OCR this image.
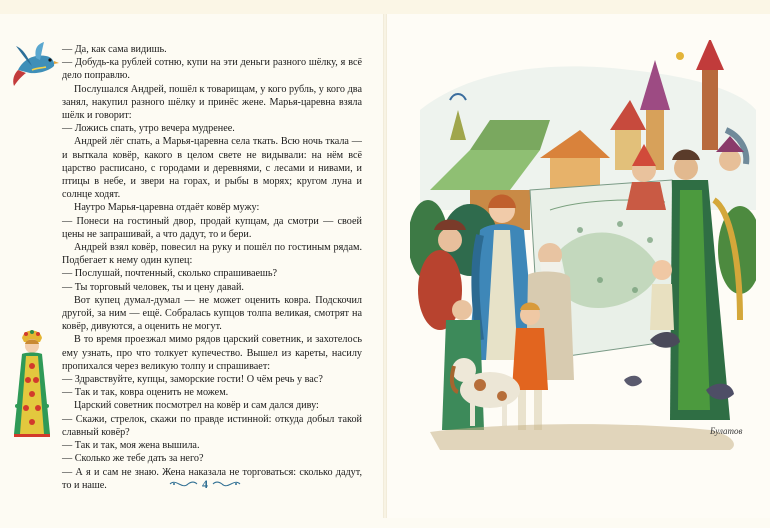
— Да, как сама видишь.

— Добудь-ка рублей сотню, купи на эти деньги разного шёлку, я всё дело поправлю.

Послушался Андрей, пошёл к товарищам, у кого рубль, у кого два занял, накупил разного шёлку и принёс жене. Марья-царевна взяла шёлк и говорит:

— Ложись спать, утро вечера мудренее.

Андрей лёг спать, а Марья-царевна села ткать. Всю ночь ткала — и выткала ковёр, какого в целом свете не видывали: на нём всё царство расписано, с городами и деревнями, с лесами и нивами, и птицы в небе, и звери на горах, и рыбы в морях; кругом луна и солнце ходят.

Наутро Марья-царевна отдаёт ковёр мужу:

— Понеси на гостиный двор, продай купцам, да смотри — своей цены не запрашивай, а что дадут, то и бери.

Андрей взял ковёр, повесил на руку и пошёл по гостиным рядам. Подбегает к нему один купец:

— Послушай, почтенный, сколько спрашиваешь?

— Ты торговый человек, ты и цену давай.

Вот купец думал-думал — не может оценить ковра. Подскочил другой, за ним — ещё. Собралась купцов толпа великая, смотрят на ковёр, дивуются, а оценить не могут.

В то время проезжал мимо рядов царский советник, и захотелось ему узнать, про что толкует купечество. Вышел из кареты, насилу пропихался через великую толпу и спрашивает:

— Здравствуйте, купцы, заморские гости! О чём речь у вас?

— Так и так, ковра оценить не можем.

Царский советник посмотрел на ковёр и сам дался диву:

— Скажи, стрелок, скажи по правде истинной: откуда добыл такой славный ковёр?

— Так и так, моя жена вышила.

— Сколько же тебе дать за него?

— А я и сам не знаю. Жена наказала не торговаться: сколько дадут, то и наше.	4
Булатов
